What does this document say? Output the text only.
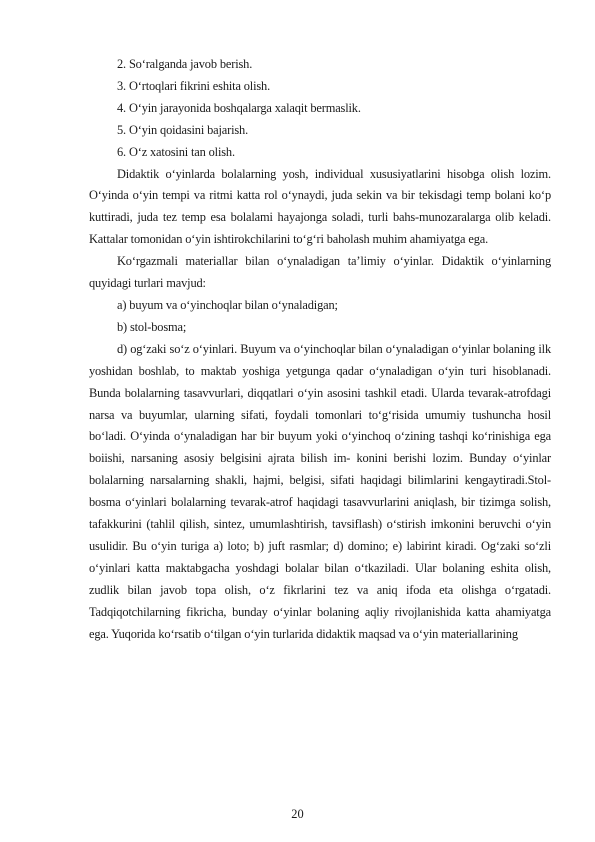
2. So‘ralganda javob berish.

3. O‘rtoqlari fikrini eshita olish.

4. O‘yin jarayonida boshqalarga xalaqit bermaslik.

5. O‘yin qoidasini bajarish.

6. O‘z xatosini tan olish.

Didaktik o‘yinlarda bolalarning yosh, individual xususiyatlarini hisobga olish lozim. O‘yinda o‘yin tempi va ritmi katta rol o‘ynaydi, juda sekin va bir tekisdagi temp bolani ko‘p kuttiradi, juda tez temp esa bolalami hayajonga soladi, turli bahs-munozaralarga olib keladi. Kattalar tomonidan o‘yin ishtirokchilarini to‘g‘ri baholash muhim ahamiyatga ega.

Ko‘rgazmali materiallar bilan o‘ynaladigan ta’limiy o‘yinlar. Didaktik o‘yinlarning quyidagi turlari mavjud:

a) buyum va o‘yinchoqlar bilan o‘ynaladigan;

b) stol-bosma;

d) og‘zaki so‘z o‘yinlari. Buyum va o‘yinchoqlar bilan o‘ynaladigan o‘yinlar bolaning ilk yoshidan boshlab, to maktab yoshiga yetgunga qadar o‘ynaladigan o‘yin turi hisoblanadi. Bunda bolalarning tasavvurlari, diqqatlari o‘yin asosini tashkil etadi. Ularda tevarak-atrofdagi narsa va buyumlar, ularning sifati, foydali tomonlari to‘g‘risida umumiy tushuncha hosil bo‘ladi. O‘yinda o‘ynaladigan har bir buyum yoki o‘yinchoq o‘zining tashqi ko‘rinishiga ega boiishi, narsaning asosiy belgisini ajrata bilish im- konini berishi lozim. Bunday o‘yinlar bolalarning narsalarning shakli, hajmi, belgisi, sifati haqidagi bilimlarini kengaytiradi.Stol-bosma o‘yinlari bolalarning tevarak-atrof haqidagi tasavvurlarini aniqlash, bir tizimga solish, tafakkurini (tahlil qilish, sintez, umumlashtirish, tavsiflash) o‘stirish imkonini beruvchi o‘yin usulidir. Bu o‘yin turiga a) loto; b) juft rasmlar; d) domino; e) labirint kiradi. Og‘zaki so‘zli o‘yinlari katta maktabgacha yoshdagi bolalar bilan o‘tkaziladi. Ular bolaning eshita olish, zudlik bilan javob topa olish, o‘z fikrlarini tez va aniq ifoda eta olishga o‘rgatadi. Tadqiqotchilarning fikricha, bunday o‘yinlar bolaning aqliy rivojlanishida katta ahamiyatga ega. Yuqorida ko‘rsatib o‘tilgan o‘yin turlarida didaktik maqsad va o‘yin materiallarining

20
